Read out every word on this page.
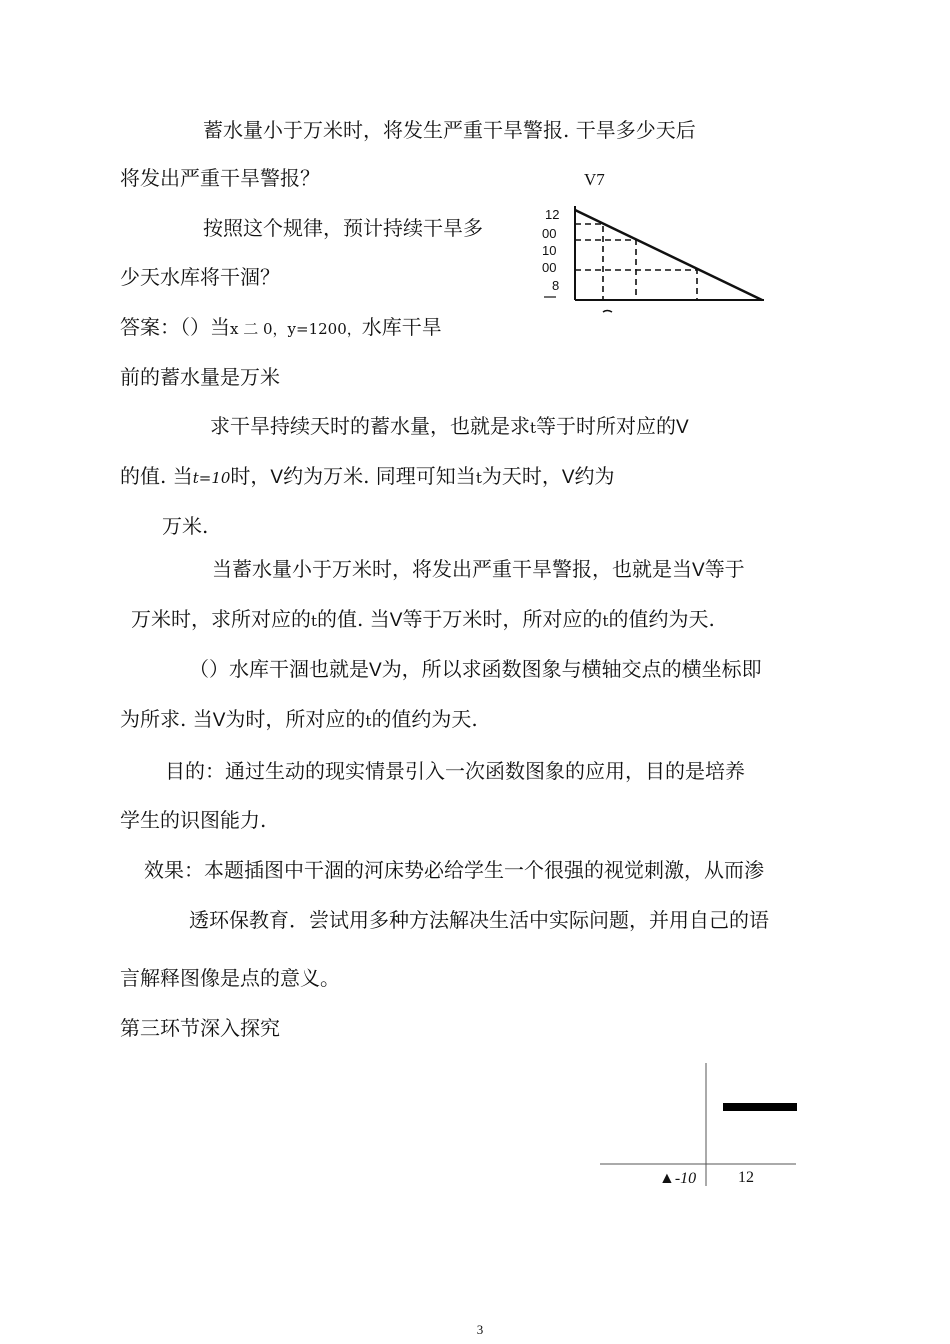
蓄水量小于万米时，将发生严重干旱警报. 干旱多少天后
将发出严重干旱警报？
按照这个规律，预计持续干旱多
少天水库将干涸？
答案：（）当x 二 0，y=1200，水库干旱
前的蓄水量是万米
求干旱持续天时的蓄水量，也就是求t等于时所对应的V
的值. 当t=10时，V约为万米. 同理可知当t为天时，V约为
万米.
当蓄水量小于万米时，将发出严重干旱警报，也就是当V等于
万米时，求所对应的t的值. 当V等于万米时，所对应的t的值约为天.
（）水库干涸也就是V为，所以求函数图象与横轴交点的横坐标即
为所求. 当V为时，所对应的t的值约为天.
目的：通过生动的现实情景引入一次函数图象的应用，目的是培养
学生的识图能力.
效果：本题插图中干涸的河床势必给学生一个很强的视觉刺激，从而渗
透环保教育．尝试用多种方法解决生活中实际问题，并用自己的语
言解释图像是点的意义。
第三环节深入探究
V7
12
00
10
00
8
▲-10	12
3
